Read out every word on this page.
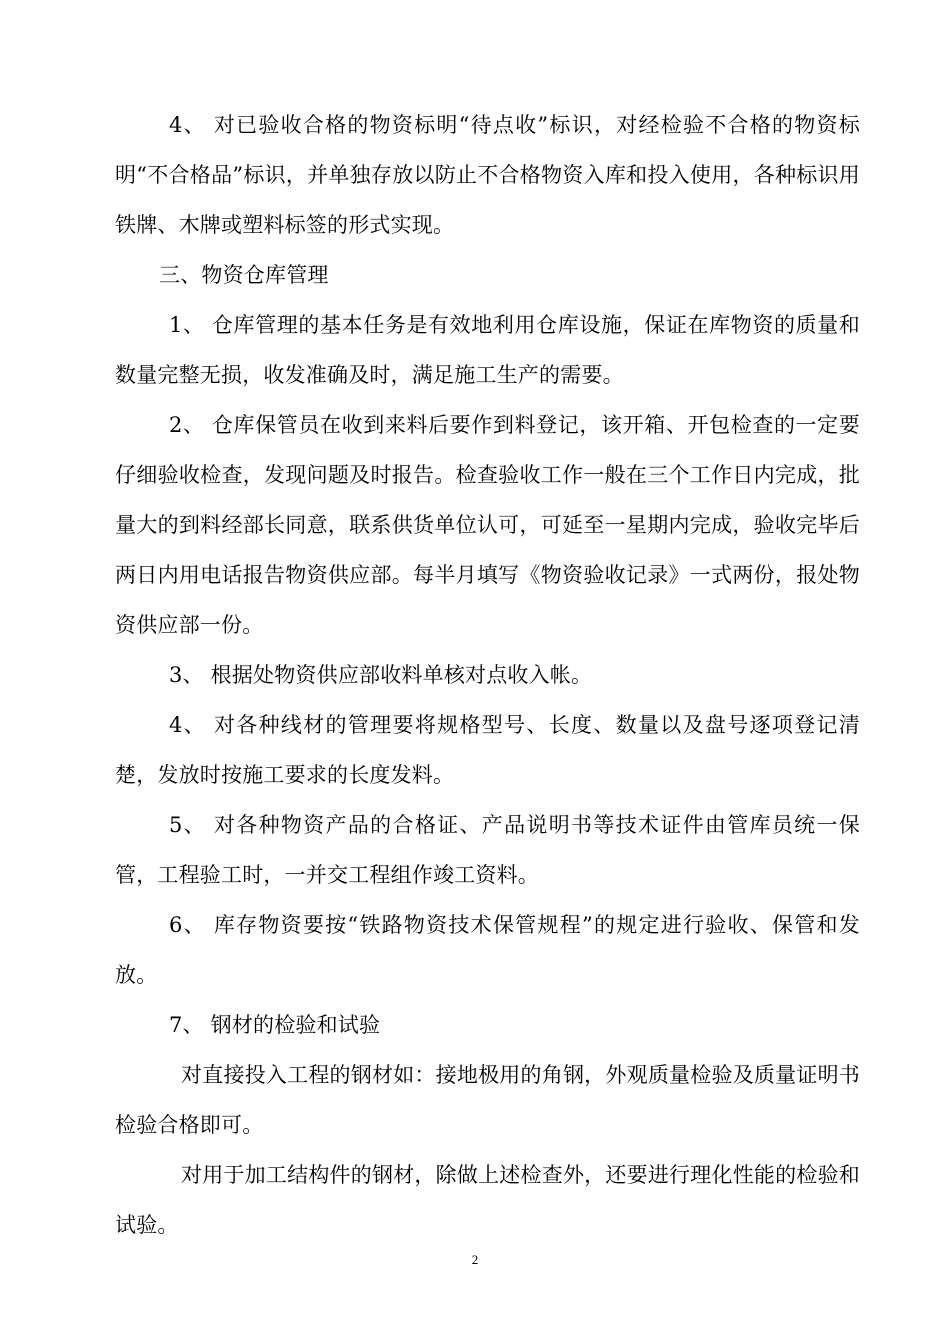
4、 对已验收合格的物资标明“待点收”标识，对经检验不合格的物资标明“不合格品”标识，并单独存放以防止不合格物资入库和投入使用，各种标识用铁牌、木牌或塑料标签的形式实现。

三、物资仓库管理

1、 仓库管理的基本任务是有效地利用仓库设施，保证在库物资的质量和数量完整无损，收发准确及时，满足施工生产的需要。

2、 仓库保管员在收到来料后要作到料登记，该开箱、开包检查的一定要仔细验收检查，发现问题及时报告。检查验收工作一般在三个工作日内完成，批量大的到料经部长同意，联系供货单位认可，可延至一星期内完成，验收完毕后两日内用电话报告物资供应部。每半月填写《物资验收记录》一式两份，报处物资供应部一份。

3、 根据处物资供应部收料单核对点收入帐。

4、 对各种线材的管理要将规格型号、长度、数量以及盘号逐项登记清楚，发放时按施工要求的长度发料。

5、 对各种物资产品的合格证、产品说明书等技术证件由管库员统一保管，工程验工时，一并交工程组作竣工资料。

6、 库存物资要按“铁路物资技术保管规程”的规定进行验收、保管和发放。

7、 钢材的检验和试验

对直接投入工程的钢材如：接地极用的角钢，外观质量检验及质量证明书检验合格即可。

对用于加工结构件的钢材，除做上述检查外，还要进行理化性能的检验和试验。

2
